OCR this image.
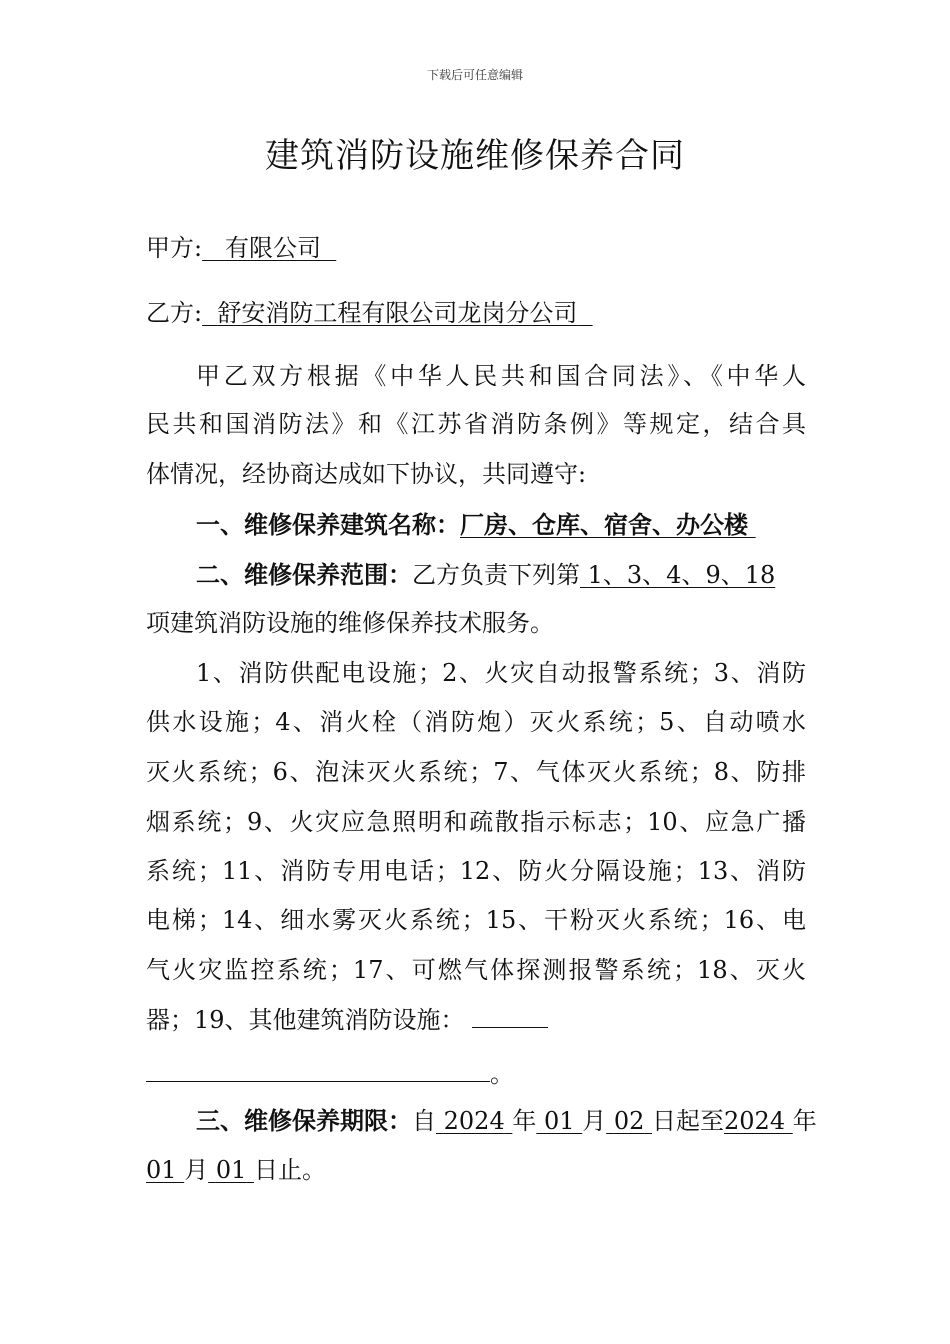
下载后可任意编辑
建筑消防设施维修保养合同
甲方: 有限公司
乙方: 舒安消防工程有限公司龙岗分公司
甲乙双方根据《中华人民共和国合同法》、《中华人
民共和国消防法》和《江苏省消防条例》等规定，结合具
体情况，经协商达成如下协议，共同遵守:
一、维修保养建筑名称：厂房、仓库、宿舍、办公楼
二、维修保养范围：乙方负责下列第 1、3、4、9、18
项建筑消防设施的维修保养技术服务。
1、消防供配电设施；2、火灾自动报警系统；3、消防
供水设施；4、消火栓（消防炮）灭火系统；5、自动喷水
灭火系统；6、泡沫灭火系统；7、气体灭火系统；8、防排
烟系统；9、火灾应急照明和疏散指示标志；10、应急广播
系统；11、消防专用电话；12、防火分隔设施；13、消防
电梯；14、细水雾灭火系统；15、干粉灭火系统；16、电
气火灾监控系统；17、可燃气体探测报警系统；18、灭火
器；19、其他建筑消防设施：
。
三、维修保养期限：自 2024 年 01 月 02 日起至2024 年
01 月 01 日止。
